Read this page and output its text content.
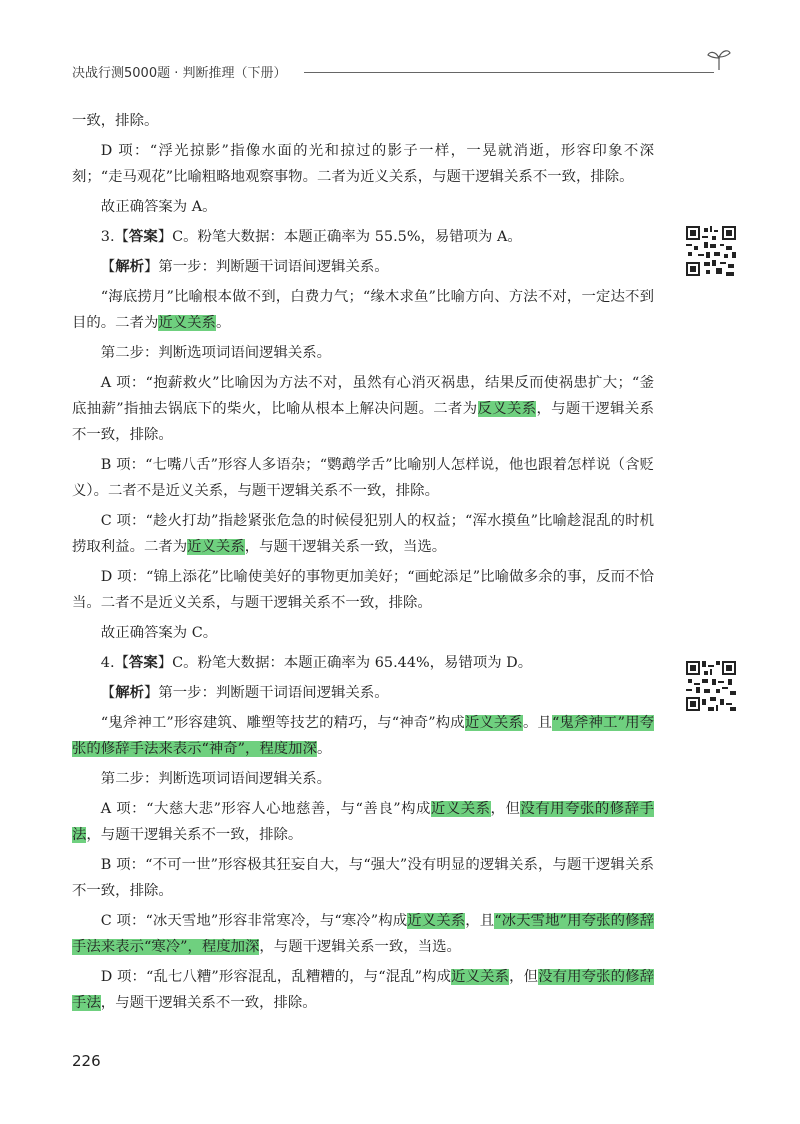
决战行测5000题 · 判断推理（下册）

一致，排除。

D 项：“浮光掠影”指像水面的光和掠过的影子一样，一晃就消逝，形容印象不深刻；“走马观花”比喻粗略地观察事物。二者为近义关系，与题干逻辑关系不一致，排除。

故正确答案为 A。

3.【答案】C。粉笔大数据：本题正确率为 55.5%，易错项为 A。

【解析】第一步：判断题干词语间逻辑关系。

“海底捞月”比喻根本做不到，白费力气；“缘木求鱼”比喻方向、方法不对，一定达不到目的。二者为近义关系。

第二步：判断选项词语间逻辑关系。

A 项：“抱薪救火”比喻因为方法不对，虽然有心消灭祸患，结果反而使祸患扩大；“釜底抽薪”指抽去锅底下的柴火，比喻从根本上解决问题。二者为反义关系，与题干逻辑关系不一致，排除。

B 项：“七嘴八舌”形容人多语杂；“鹦鹉学舌”比喻别人怎样说，他也跟着怎样说（含贬义）。二者不是近义关系，与题干逻辑关系不一致，排除。

C 项：“趁火打劫”指趁紧张危急的时候侵犯别人的权益；“浑水摸鱼”比喻趁混乱的时机捞取利益。二者为近义关系，与题干逻辑关系一致，当选。

D 项：“锦上添花”比喻使美好的事物更加美好；“画蛇添足”比喻做多余的事，反而不恰当。二者不是近义关系，与题干逻辑关系不一致，排除。

故正确答案为 C。

4.【答案】C。粉笔大数据：本题正确率为 65.44%，易错项为 D。

【解析】第一步：判断题干词语间逻辑关系。

“鬼斧神工”形容建筑、雕塑等技艺的精巧，与“神奇”构成近义关系。且“鬼斧神工”用夸张的修辞手法来表示“神奇”，程度加深。

第二步：判断选项词语间逻辑关系。

A 项：“大慈大悲”形容人心地慈善，与“善良”构成近义关系，但没有用夸张的修辞手法，与题干逻辑关系不一致，排除。

B 项：“不可一世”形容极其狂妄自大，与“强大”没有明显的逻辑关系，与题干逻辑关系不一致，排除。

C 项：“冰天雪地”形容非常寒冷，与“寒冷”构成近义关系，且“冰天雪地”用夸张的修辞手法来表示“寒冷”，程度加深，与题干逻辑关系一致，当选。

D 项：“乱七八糟”形容混乱，乱糟糟的，与“混乱”构成近义关系，但没有用夸张的修辞手法，与题干逻辑关系不一致，排除。

226
